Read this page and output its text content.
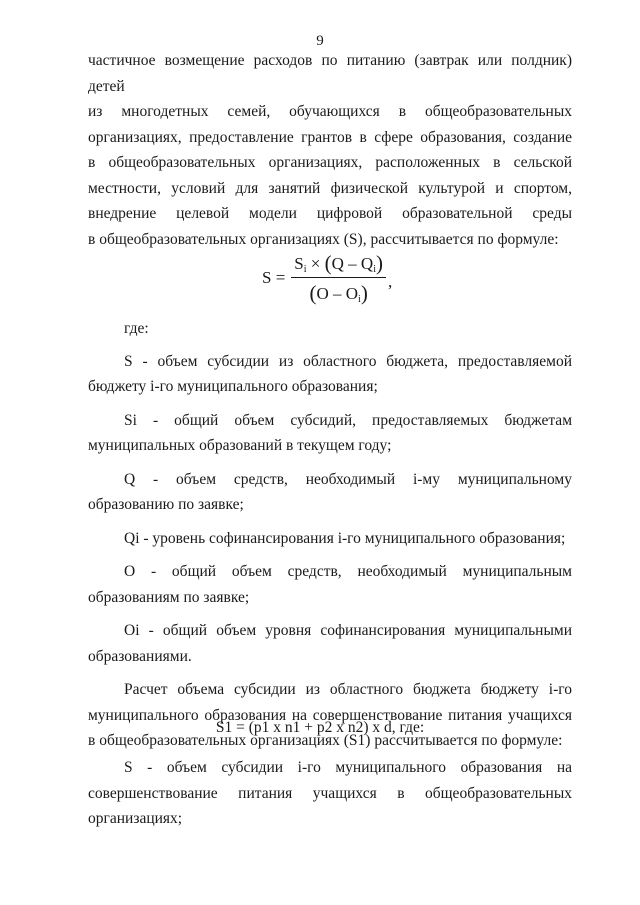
9

частичное возмещение расходов по питанию (завтрак или полдник) детей

из многодетных семей, обучающихся в общеобразовательных

организациях, предоставление грантов в сфере образования, создание

в общеобразовательных организациях, расположенных в сельской

местности, условий для занятий физической культурой и спортом,

внедрение целевой модели цифровой образовательной среды

в общеобразовательных организациях (S), рассчитывается по формуле:

$S = \frac{S_i \times (Q - Q_i)}{(O - O_i)}$ ,

где:

S - объем субсидии из областного бюджета, предоставляемой бюджету i-го муниципального образования;

Si - общий объем субсидий, предоставляемых бюджетам муниципальных образований в текущем году;

Q - объем средств, необходимый i-му муниципальному образованию по заявке;

Qi - уровень софинансирования i-го муниципального образования;

O - общий объем средств, необходимый муниципальным образованиям по заявке;

Oi - общий объем уровня софинансирования муниципальными образованиями.

Расчет объема субсидии из областного бюджета бюджету i-го муниципального образования на совершенствование питания учащихся в общеобразовательных организациях (S1) рассчитывается по формуле:

S1 = (p1 x n1 + p2 x n2) x d, где:

S - объем субсидии i-го муниципального образования на совершенствование питания учащихся в общеобразовательных организациях;
